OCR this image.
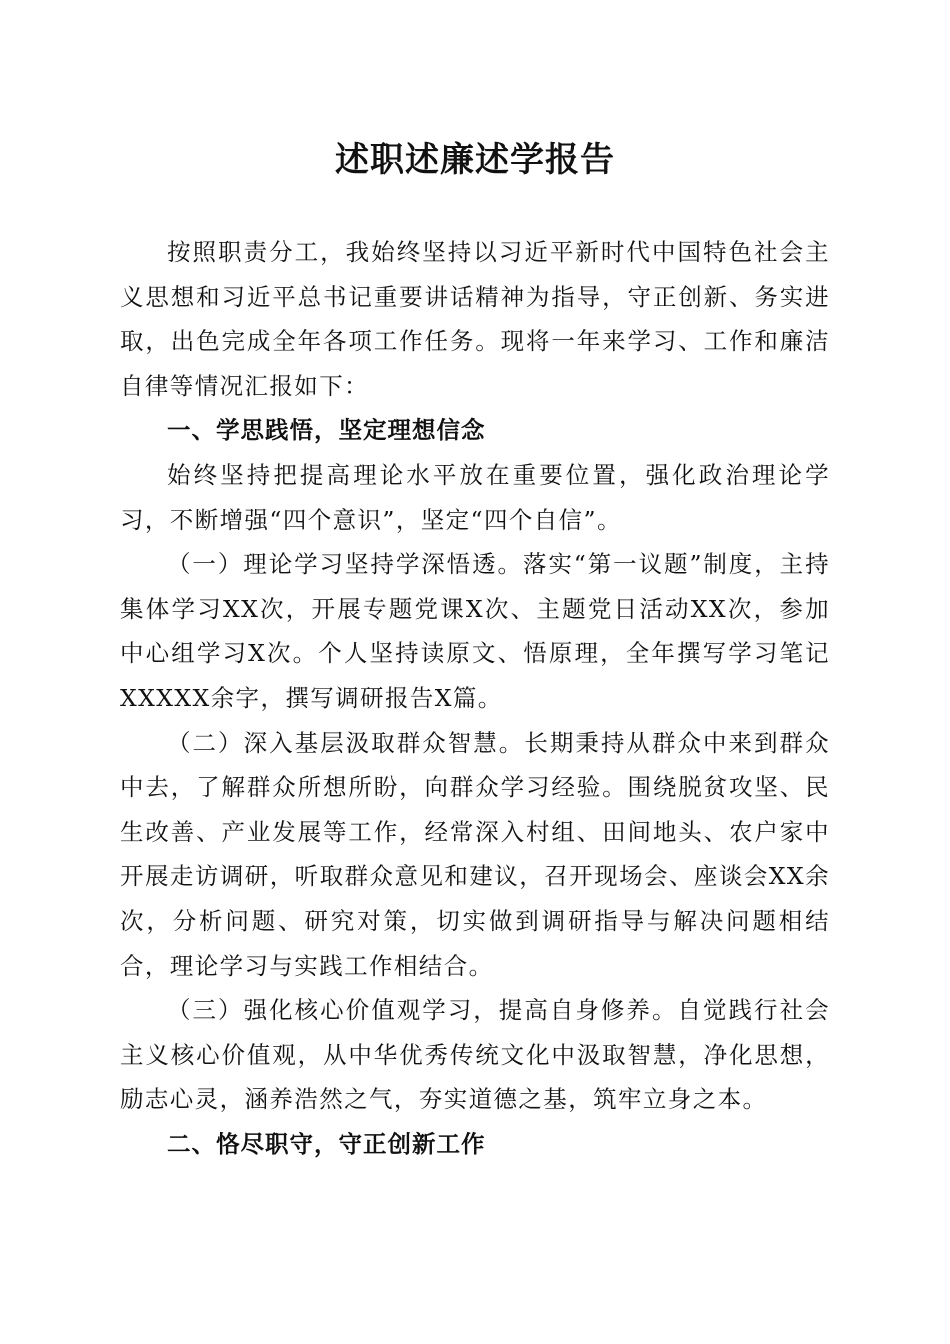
述职述廉述学报告

按照职责分工，我始终坚持以习近平新时代中国特色社会主义思想和习近平总书记重要讲话精神为指导，守正创新、务实进取，出色完成全年各项工作任务。现将一年来学习、工作和廉洁自律等情况汇报如下：

一、学思践悟，坚定理想信念

始终坚持把提高理论水平放在重要位置，强化政治理论学习，不断增强“四个意识”，坚定“四个自信”。

（一）理论学习坚持学深悟透。落实“第一议题”制度，主持集体学习XX次，开展专题党课X次、主题党日活动XX次，参加中心组学习X次。个人坚持读原文、悟原理，全年撰写学习笔记XXXXX余字，撰写调研报告X篇。

（二）深入基层汲取群众智慧。长期秉持从群众中来到群众中去，了解群众所想所盼，向群众学习经验。围绕脱贫攻坚、民生改善、产业发展等工作，经常深入村组、田间地头、农户家中开展走访调研，听取群众意见和建议，召开现场会、座谈会XX余次，分析问题、研究对策，切实做到调研指导与解决问题相结合，理论学习与实践工作相结合。

（三）强化核心价值观学习，提高自身修养。自觉践行社会主义核心价值观，从中华优秀传统文化中汲取智慧，净化思想，励志心灵，涵养浩然之气，夯实道德之基，筑牢立身之本。

二、恪尽职守，守正创新工作
